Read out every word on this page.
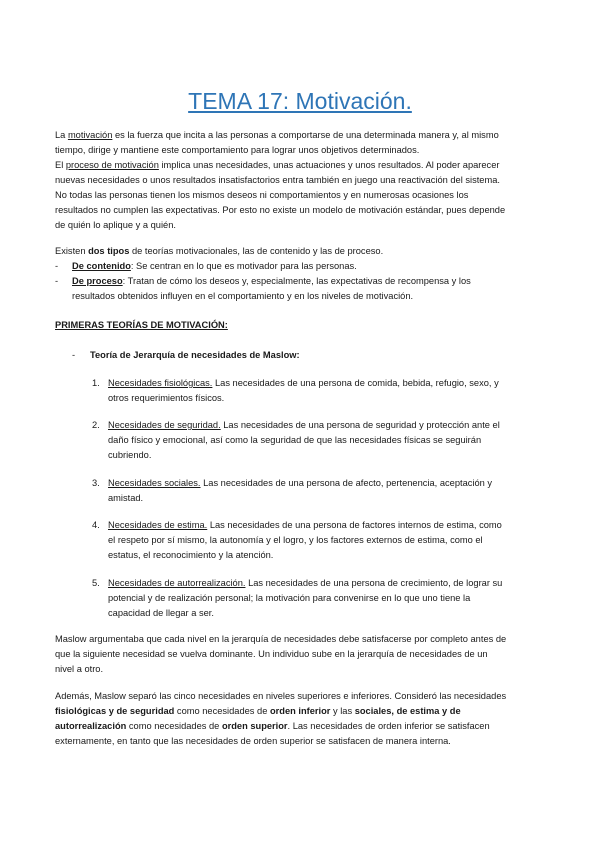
TEMA 17: Motivación.
La motivación es la fuerza que incita a las personas a comportarse de una determinada manera y, al mismo
tiempo, dirige y mantiene este comportamiento para lograr unos objetivos determinados.
El proceso de motivación implica unas necesidades, unas actuaciones y unos resultados. Al poder aparecer
nuevas necesidades o unos resultados insatisfactorios entra también en juego una reactivación del sistema.
No todas las personas tienen los mismos deseos ni comportamientos y en numerosas ocasiones los
resultados no cumplen las expectativas. Por esto no existe un modelo de motivación estándar, pues depende
de quién lo aplique y a quién.
Existen dos tipos de teorías motivacionales, las de contenido y las de proceso.
- De contenido: Se centran en lo que es motivador para las personas.
- De proceso: Tratan de cómo los deseos y, especialmente, las expectativas de recompensa y los
resultados obtenidos influyen en el comportamiento y en los niveles de motivación.
PRIMERAS TEORÍAS DE MOTIVACIÓN:
- Teoría de Jerarquía de necesidades de Maslow:
1. Necesidades fisiológicas. Las necesidades de una persona de comida, bebida, refugio, sexo, y
otros requerimientos físicos.
2. Necesidades de seguridad. Las necesidades de una persona de seguridad y protección ante el
daño físico y emocional, así como la seguridad de que las necesidades físicas se seguirán
cubriendo.
3. Necesidades sociales. Las necesidades de una persona de afecto, pertenencia, aceptación y
amistad.
4. Necesidades de estima. Las necesidades de una persona de factores internos de estima, como
el respeto por sí mismo, la autonomía y el logro, y los factores externos de estima, como el
estatus, el reconocimiento y la atención.
5. Necesidades de autorrealización. Las necesidades de una persona de crecimiento, de lograr su
potencial y de realización personal; la motivación para convenirse en lo que uno tiene la
capacidad de llegar a ser.
Maslow argumentaba que cada nivel en la jerarquía de necesidades debe satisfacerse por completo antes de
que la siguiente necesidad se vuelva dominante. Un individuo sube en la jerarquía de necesidades de un
nivel a otro.
Además, Maslow separó las cinco necesidades en niveles superiores e inferiores. Consideró las necesidades
fisiológicas y de seguridad como necesidades de orden inferior y las sociales, de estima y de
autorrealización como necesidades de orden superior. Las necesidades de orden inferior se satisfacen
externamente, en tanto que las necesidades de orden superior se satisfacen de manera interna.
